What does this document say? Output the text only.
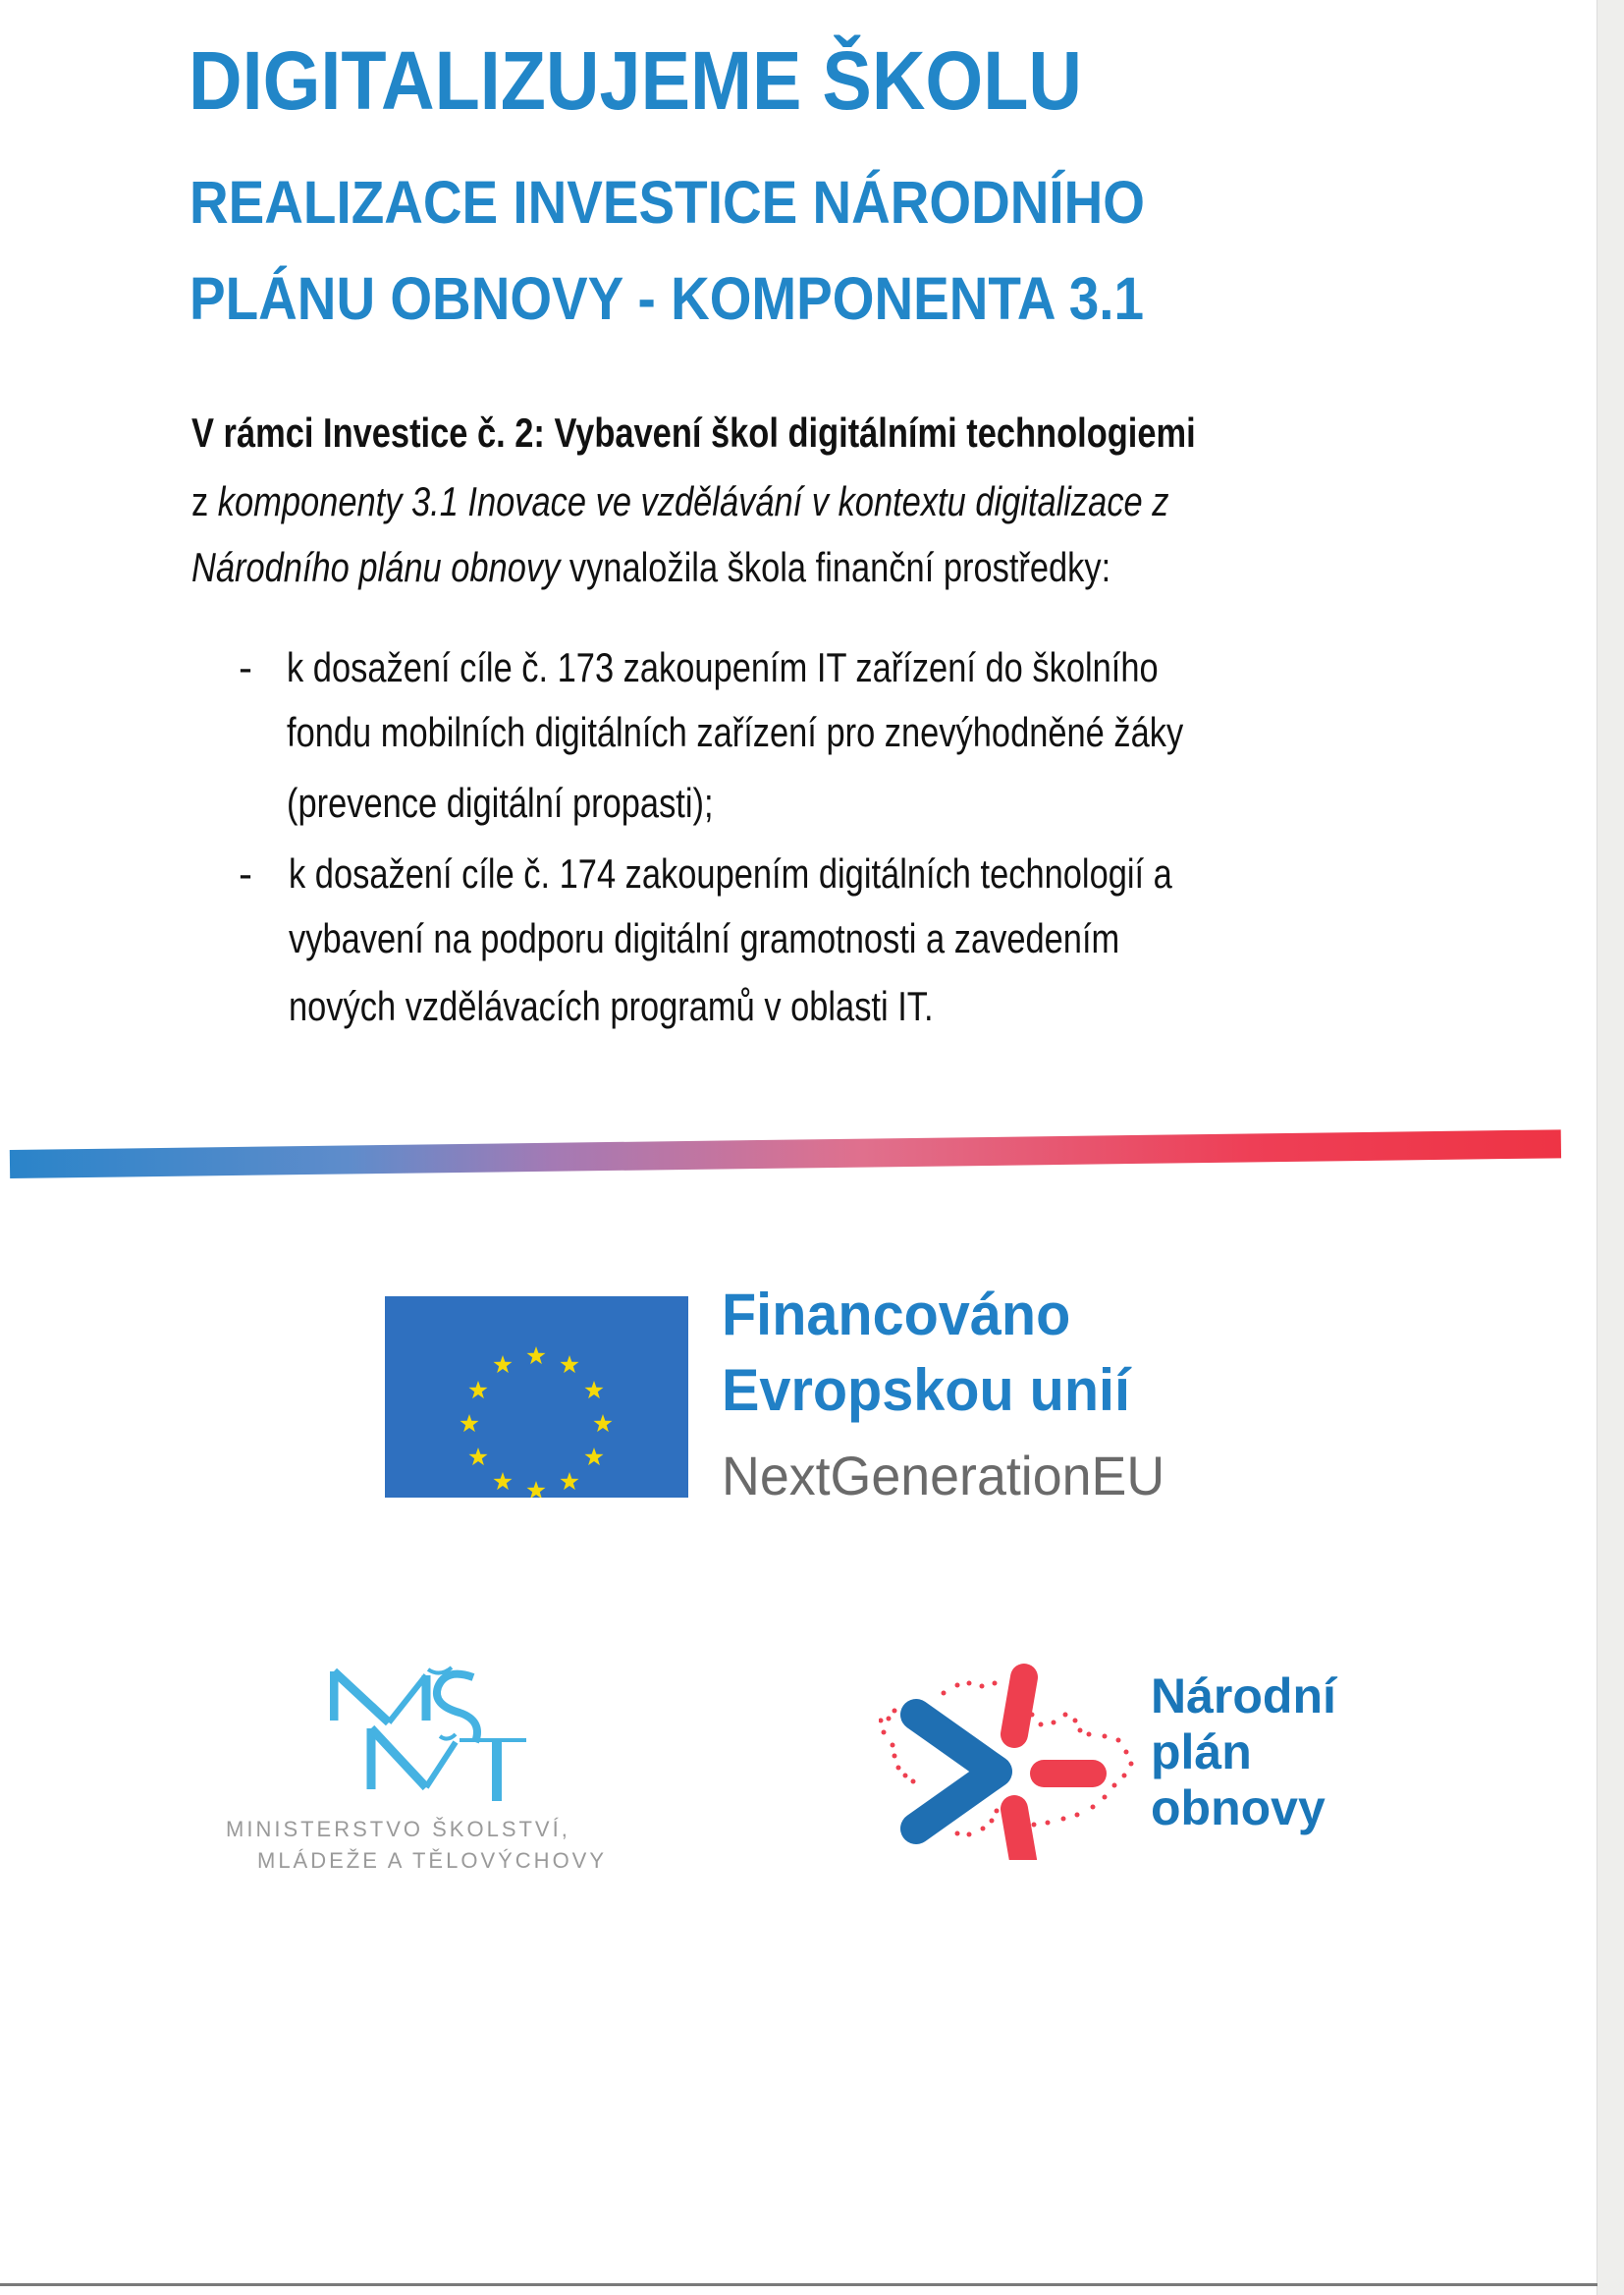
DIGITALIZUJEME ŠKOLU
REALIZACE INVESTICE NÁRODNÍHO
PLÁNU OBNOVY - KOMPONENTA 3.1
V rámci Investice č. 2: Vybavení škol digitálními technologiemi
z komponenty 3.1 Inovace ve vzdělávání v kontextu digitalizace z
Národního plánu obnovy vynaložila škola finanční prostředky:
- k dosažení cíle č. 173 zakoupením IT zařízení do školního
fondu mobilních digitálních zařízení pro znevýhodněné žáky
(prevence digitální propasti);
- k dosažení cíle č. 174 zakoupením digitálních technologií a
vybavení na podporu digitální gramotnosti a zavedením
nových vzdělávacích programů v oblasti IT.
Financováno
Evropskou unií
NextGenerationEU
MINISTERSTVO ŠKOLSTVÍ,
MLÁDEŽE A TĚLOVÝCHOVY
Národní
plán
obnovy
